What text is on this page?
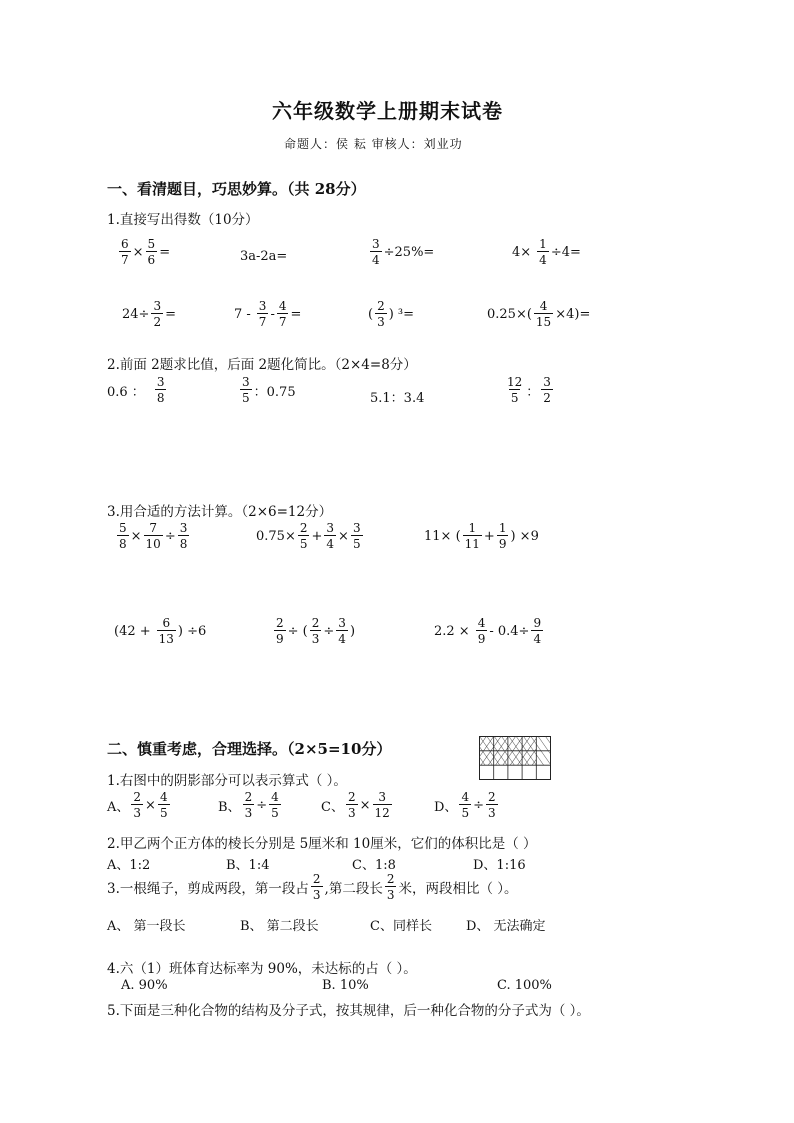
六年级数学上册期末试卷
命题人：侯 耘 审核人：刘业功
一、看清题目，巧思妙算。（共 28分）
1.直接写出得数（10分）
$\frac{6}{7} \times \frac{5}{6}$ =	3a-2a=	$\frac{3}{4} \div 25\%=$	$4\times \frac{1}{4} \div 4=$
$24\div \frac{3}{2}$ =	7 -
3
7
- $\frac{4}{7}$ =	(
2
3
) ³=	$0.25\times( \frac{4}{15} \times 4)=$
2.前面 2题求比值，后面 2题化简比。（2×4=8分）
0.6 ：
3
8
3
5 ：0.75	5.1：3.4
12
5 ：
3
2
3.用合适的方法计算。（2×6=12分）
$\frac{5}{8} \times \frac{7}{10} \div \frac{3}{8}$	$0.75\times \frac{2}{5} + \frac{3}{4} \times \frac{3}{5}$	11× (
1
11
+ $\frac{1}{9}$ ) ×9
(42 +
6
13
) ÷6	$\frac{2}{9}$ ÷ ( $\frac{2}{3} \div \frac{3}{4}$ )	2.2 ×
4
9
- $0.4\div \frac{9}{4}$
二、慎重考虑，合理选择。（2×5=10分）
1.右图中的阴影部分可以表示算式（ ）。
A、 $\frac{2}{3} \times \frac{4}{5}$	B、 $\frac{2}{3} \div \frac{4}{5}$	C、 $\frac{2}{3} \times \frac{3}{12}$	D、 $\frac{4}{5} \div \frac{2}{3}$
2.甲乙两个正方体的棱长分别是 5厘米和 10厘米，它们的体积比是（ ）
A、1:2	B、1:4	C、1:8	D、1:16
3.一根绳子，剪成两段，第一段占
2
3 ,第二段长
2
3 米，两段相比（ ）。
A、 第一段长	B、 第二段长	C、同样长	D、 无法确定
4.六（1）班体育达标率为 90%，未达标的占（ ）。
A. 90%	B. 10%	C. 100%
5.下面是三种化合物的结构及分子式，按其规律，后一种化合物的分子式为（ ）。
